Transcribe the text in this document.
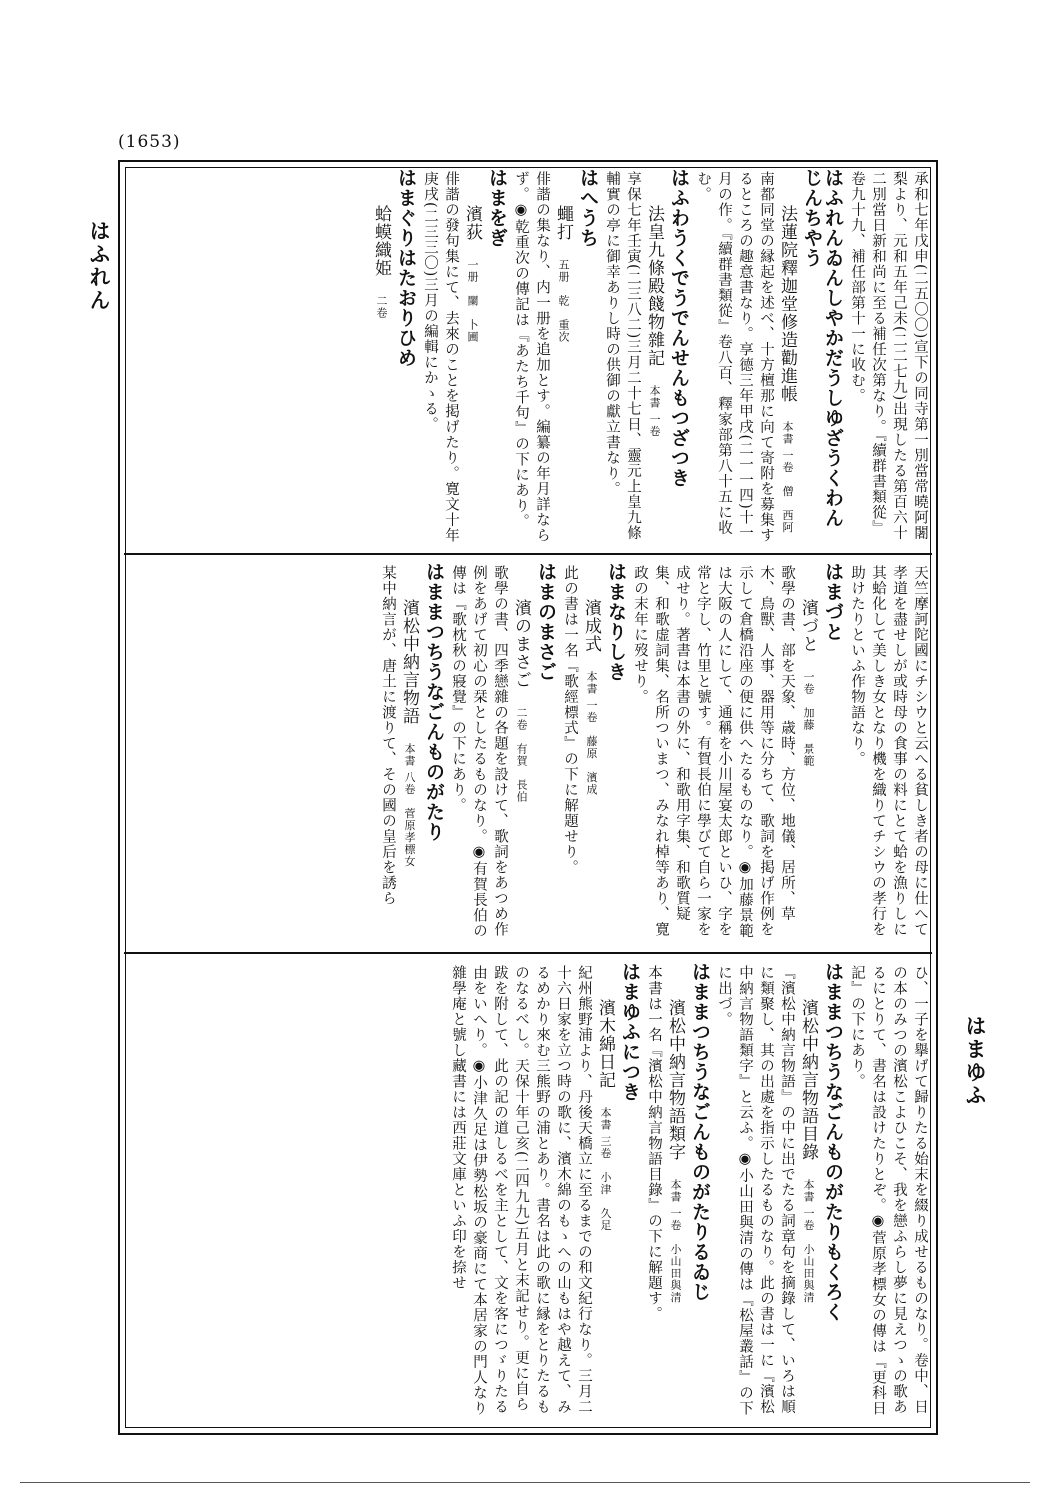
(1653)
はふれん
はまゆふ

承和七年戊申(二五〇〇)宣下の同寺第一別當常曉阿闍梨より、元和五年己未(二二七九)出現したる第百六十二別當日新和尚に至る補任次第なり。『續群書類從』卷九十九、補任部第十一に收む。

はふれんゐんしやかだうしゆざうくわんじんちやう

法蓮院釋迦堂修造勸進帳　本書 一卷　僧　西阿

南都同堂の縁起を述べ、十方檀那に向て寄附を募集するところの趣意書なり。享德三年甲戌(二一一四)十一月の作。『續群書類從』卷八百、釋家部第八十五に收む。

はふわうくでうでんせんもつざつき

法皇九條殿餞物雜記　本書 一卷

享保七年壬寅(二三八二)三月二十七日、靈元上皇九條輔實の亭に御幸ありし時の供御の獻立書なり。

はへうち

蠅打　五册　乾　重次

俳諧の集なり、内一册を追加とす。編纂の年月詳ならず。◉乾重次の傳記は『あたち千句』の下にあり。

はまをぎ

濱荻　一册　闌　卜圃

俳諧の發句集にて、去來のことを掲げたり。寛文十年庚戌(二三三〇)三月の編輯にかゝる。

はまぐりはたおりひめ

蛤蟆織姫　二卷

天竺摩訶陀國にチシウと云へる貧しき者の母に仕へて孝道を盡せしが或時母の食事の料にとて蛤を漁りしに其蛤化して美しき女となり機を織りてチシウの孝行を助けたりといふ作物語なり。

はまづと

濱づと　一卷　加藤　景範

歌學の書、部を天象、歳時、方位、地儀、居所、草木、鳥獸、人事、器用等に分ちて、歌詞を掲げ作例を示して倉橋沿座の便に供へたるものなり。◉加藤景範は大阪の人にして、通稱を小川屋宴太郎といひ、字を常と字し、竹里と號す。有賀長伯に學びて自ら一家を成せり。著書は本書の外に、和歌用字集、和歌質疑集、和歌虚詞集、名所ついまつ、みなれ棹等あり、寛政の末年に歿せり。

はまなりしき

濱成式　本書 一卷　藤原　濱成

此の書は一名『歌經標式』の下に解題せり。

はまのまさご

濱のまさご　二卷　有賀　長伯

歌學の書、四季戀雜の各題を設けて、歌詞をあつめ作例をあげて初心の栞としたるものなり。◉有賀長伯の傳は『歌枕秋の寢覺』の下にあり。

はままつちうなごんものがたり

濱松中納言物語　本書 八卷　菅原孝標女

某中納言が、唐土に渡りて、その國の皇后を誘ら

ひ、一子を擧げて歸りたる始末を綴り成せるものなり。卷中、日の本のみつの濱松こよひこそ、我を戀ふらし夢に見えつゝの歌あるにとりて、書名は設けたりとぞ。◉菅原孝標女の傳は『更科日記』の下にあり。

はままつちうなごんものがたりもくろく

濱松中納言物語目錄　本書 一卷　小山田與清

『濱松中納言物語』の中に出でたる詞章句を摘錄して、いろは順に類聚し、其の出處を指示したるものなり。此の書は一に『濱松中納言物語類字』と云ふ。◉小山田與清の傳は『松屋叢話』の下に出づ。

はままつちうなごんものがたりるゐじ

濱松中納言物語類字　本書 一卷　小山田與清

本書は一名『濱松中納言物語目錄』の下に解題す。

はまゆふにつき

濱木綿日記　本書 三卷　小津　久足

紀州熊野浦より、丹後天橋立に至るまでの和文紀行なり。三月二十六日家を立つ時の歌に、濱木綿のもゝへの山もはや越えて、みるめかり來む三熊野の浦とあり。書名は此の歌に縁をとりたるものなるべし。天保十年己亥(二四九九)五月と末記せり。更に自ら跋を附して、此の記の道しるべを主として、文を客につゞりたる由をいへり。◉小津久足は伊勢松坂の豪商にて本居家の門人なり雜學庵と號し藏書には西莊文庫といふ印を捺せ
